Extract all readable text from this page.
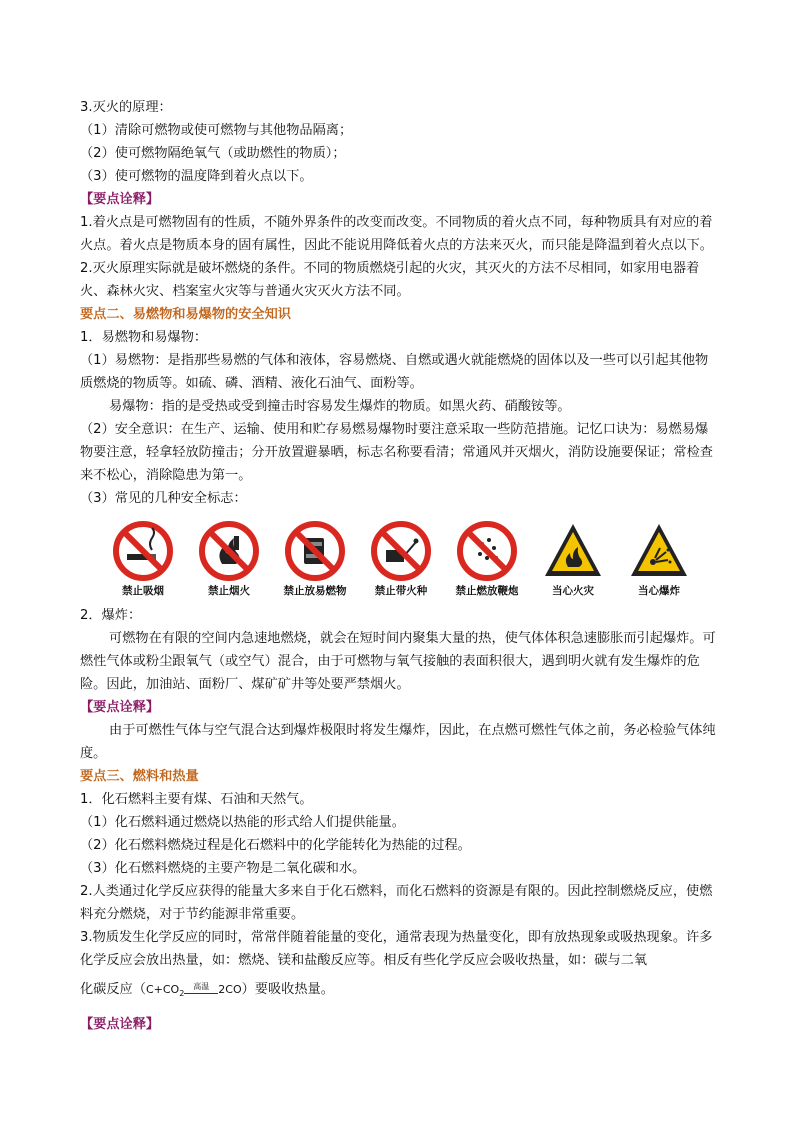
3.灭火的原理：
（1）清除可燃物或使可燃物与其他物品隔离；
（2）使可燃物隔绝氧气（或助燃性的物质）；
（3）使可燃物的温度降到着火点以下。
【要点诠释】
1.着火点是可燃物固有的性质，不随外界条件的改变而改变。不同物质的着火点不同，每种物质具有对应的着火点。着火点是物质本身的固有属性，因此不能说用降低着火点的方法来灭火，而只能是降温到着火点以下。
2.灭火原理实际就是破坏燃烧的条件。不同的物质燃烧引起的火灾，其灭火的方法不尽相同，如家用电器着火、森林火灾、档案室火灾等与普通火灾灭火方法不同。
要点二、易燃物和易爆物的安全知识
1．易燃物和易爆物：
（1）易燃物：是指那些易燃的气体和液体，容易燃烧、自燃或遇火就能燃烧的固体以及一些可以引起其他物质燃烧的物质等。如硫、磷、酒精、液化石油气、面粉等。
易爆物：指的是受热或受到撞击时容易发生爆炸的物质。如黑火药、硝酸铵等。
（2）安全意识：在生产、运输、使用和贮存易燃易爆物时要注意采取一些防范措施。记忆口诀为：易燃易爆物要注意，轻拿轻放防撞击；分开放置避暴晒，标志名称要看清；常通风并灭烟火，消防设施要保证；常检查来不松心，消除隐患为第一。
（3）常见的几种安全标志：
禁止吸烟	禁止烟火	禁止放易燃物	禁止带火种	禁止燃放鞭炮	当心火灾	当心爆炸
2．爆炸：
可燃物在有限的空间内急速地燃烧，就会在短时间内聚集大量的热，使气体体积急速膨胀而引起爆炸。可燃性气体或粉尘跟氧气（或空气）混合，由于可燃物与氧气接触的表面积很大，遇到明火就有发生爆炸的危险。因此，加油站、面粉厂、煤矿矿井等处要严禁烟火。
【要点诠释】
由于可燃性气体与空气混合达到爆炸极限时将发生爆炸，因此，在点燃可燃性气体之前，务必检验气体纯度。
要点三、燃料和热量
1．化石燃料主要有煤、石油和天然气。
（1）化石燃料通过燃烧以热能的形式给人们提供能量。
（2）化石燃料燃烧过程是化石燃料中的化学能转化为热能的过程。
（3）化石燃料燃烧的主要产物是二氧化碳和水。
2.人类通过化学反应获得的能量大多来自于化石燃料，而化石燃料的资源是有限的。因此控制燃烧反应，使燃料充分燃烧，对于节约能源非常重要。
3.物质发生化学反应的同时，常常伴随着能量的变化，通常表现为热量变化，即有放热现象或吸热现象。许多化学反应会放出热量，如：燃烧、镁和盐酸反应等。相反有些化学反应会吸收热量，如：碳与二氧
化碳反应（$C+CO_2$高温 2CO）要吸收热量。
【要点诠释】
